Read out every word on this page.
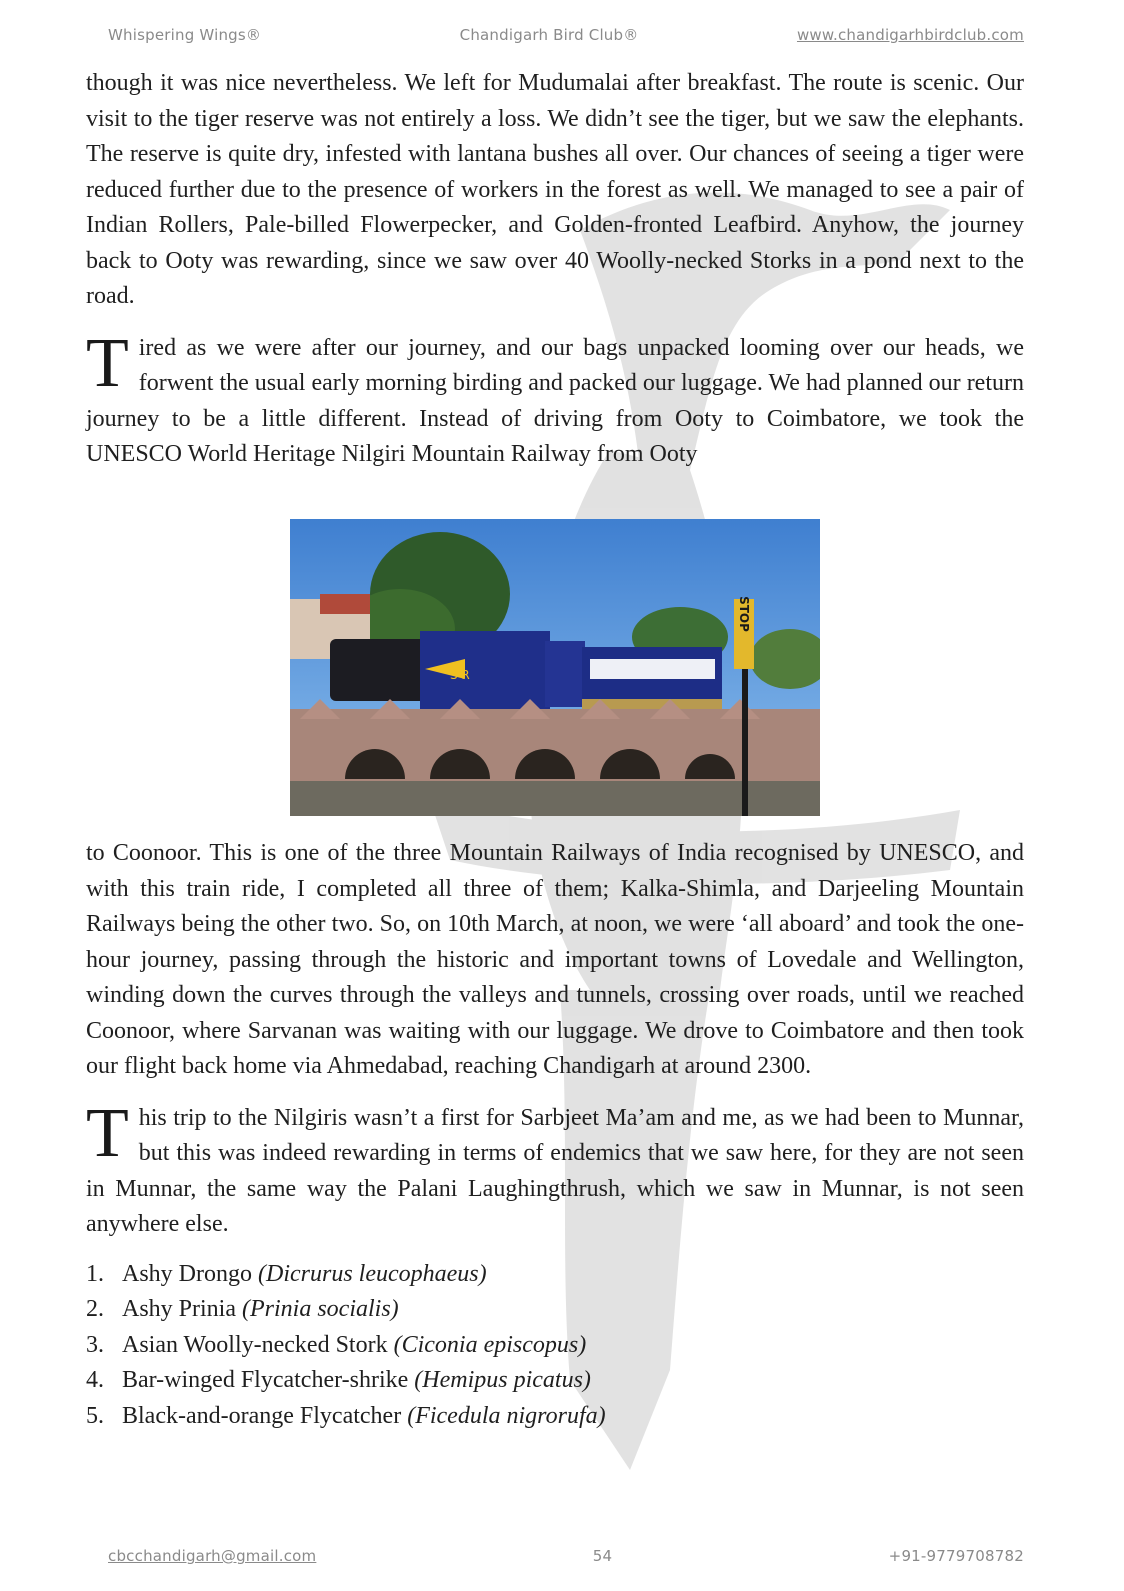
Whispering Wings®	Chandigarh Bird Club®	www.chandigarhbirdclub.com

though it was nice nevertheless. We left for Mudumalai after breakfast. The route is scenic. Our visit to the tiger reserve was not entirely a loss. We didn’t see the tiger, but we saw the elephants. The reserve is quite dry, infested with lantana bushes all over. Our chances of seeing a tiger were reduced further due to the presence of workers in the forest as well. We managed to see a pair of Indian Rollers, Pale-billed Flowerpecker, and Golden-fronted Leafbird. Anyhow, the journey back to Ooty was rewarding, since we saw over 40 Woolly-necked Storks in a pond next to the road.

Tired as we were after our journey, and our bags unpacked looming over our heads, we forwent the usual early morning birding and packed our luggage. We had planned our return journey to be a little different. Instead of driving from Ooty to Coimbatore, we took the UNESCO World Heritage Nilgiri Mountain Railway from Ooty

S R
STOP

to Coonoor. This is one of the three Mountain Railways of India recognised by UNESCO, and with this train ride, I completed all three of them; Kalka-Shimla, and Darjeeling Mountain Railways being the other two. So, on 10th March, at noon, we were ‘all aboard’ and took the one-hour journey, passing through the historic and important towns of Lovedale and Wellington, winding down the curves through the valleys and tunnels, crossing over roads, until we reached Coonoor, where Sarvanan was waiting with our luggage. We drove to Coimbatore and then took our flight back home via Ahmedabad, reaching Chandigarh at around 2300.

This trip to the Nilgiris wasn’t a first for Sarbjeet Ma’am and me, as we had been to Munnar, but this was indeed rewarding in terms of endemics that we saw here, for they are not seen in Munnar, the same way the Palani Laughingthrush, which we saw in Munnar, is not seen anywhere else.

1. Ashy Drongo (Dicrurus leucophaeus)
2. Ashy Prinia (Prinia socialis)
3. Asian Woolly-necked Stork (Ciconia episcopus)
4. Bar-winged Flycatcher-shrike (Hemipus picatus)
5. Black-and-orange Flycatcher (Ficedula nigrorufa)
cbcchandigarh@gmail.com	54	+91-9779708782
